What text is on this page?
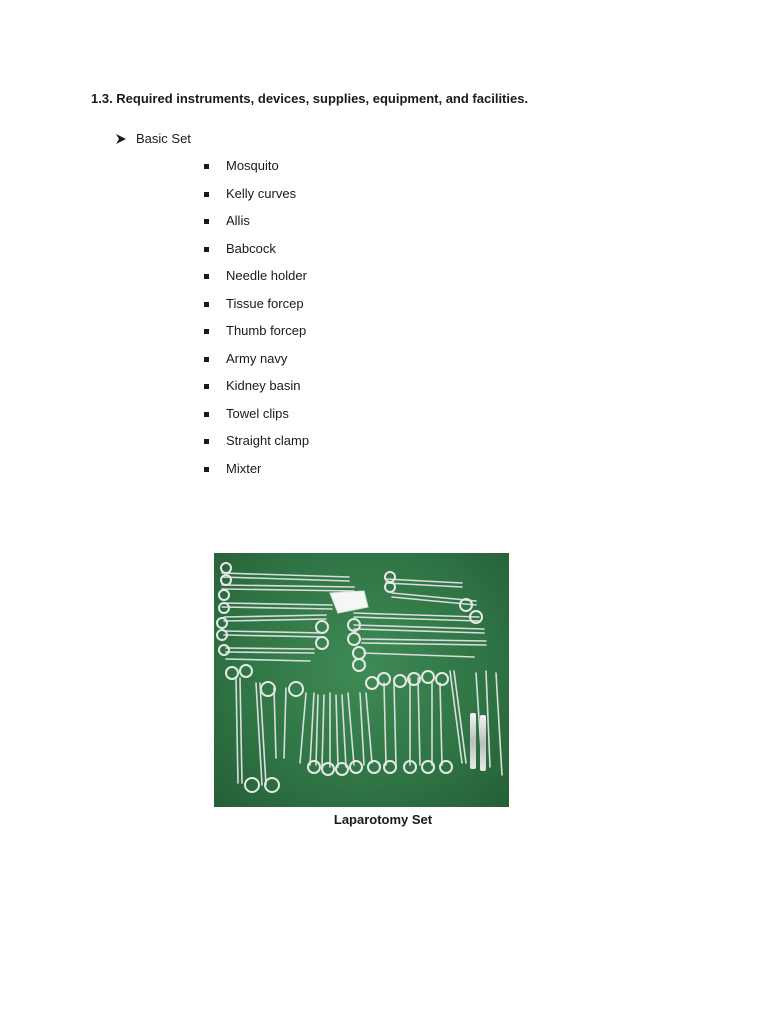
1.3. Required instruments, devices, supplies, equipment, and facilities.
Basic Set
Mosquito
Kelly curves
Allis
Babcock
Needle holder
Tissue forcep
Thumb forcep
Army navy
Kidney basin
Towel clips
Straight clamp
Mixter
Laparotomy Set
